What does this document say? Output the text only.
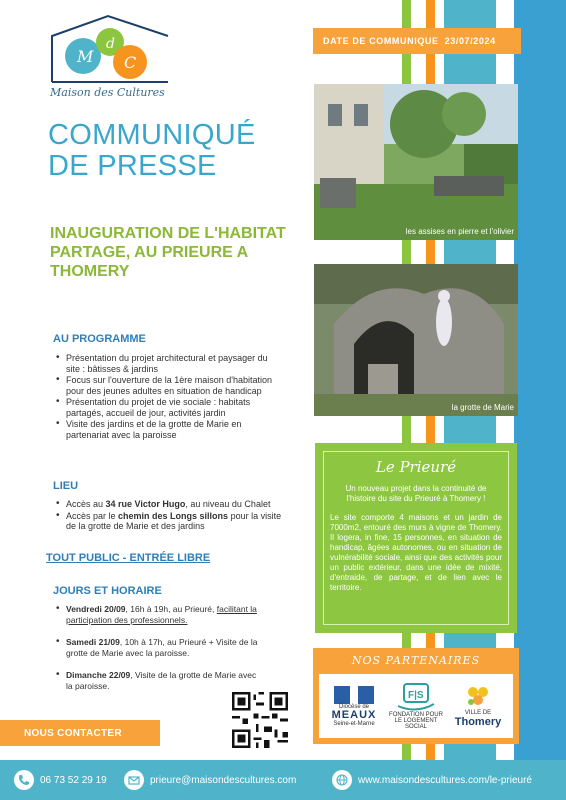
M
d
C
Maison des Cultures
COMMUNIQUÉ
DE PRESSE
INAUGURATION DE L'HABITAT PARTAGE, AU PRIEURE A THOMERY
DATE DE COMMUNIQUE 23/07/2024
les assises en pierre et l'olivier
la grotte de Marie
AU PROGRAMME
• Présentation du projet architectural et paysager du site : bâtisses & jardins
• Focus sur l'ouverture de la 1ère maison d'habitation pour des jeunes adultes en situation de handicap
• Présentation du projet de vie sociale : habitats partagés, accueil de jour, activités jardin
• Visite des jardins et de la grotte de Marie en partenariat avec la paroisse
LIEU
• Accès au 34 rue Victor Hugo, au niveau du Chalet
• Accès par le chemin des Longs sillons pour la visite de la grotte de Marie et des jardins
TOUT PUBLIC - ENTRÉE LIBRE
JOURS ET HORAIRE
• Vendredi 20/09, 16h à 19h, au Prieuré, facilitant la participation des professionnels.
• Samedi 21/09, 10h à 17h, au Prieuré + Visite de la grotte de Marie avec la paroisse.
• Dimanche 22/09, Visite de la grotte de Marie avec la paroisse.
Le Prieuré

Un nouveau projet dans la continuité de l'histoire du site du Prieuré à Thomery !

Le site comporte 4 maisons et un jardin de 7000m2, entouré des murs à vigne de Thomery. Il logera, in fine, 15 personnes, en situation de handicap, âgées autonomes, ou en situation de vulnérabilité sociale, ainsi que des activités pour un public extérieur, dans une idée de mixité, d'entraide, de partage, et de lien avec le territoire.

NOS PARTENAIRES
Diocèse de
MEAUX
Seine-et-Marne
F|S
FONDATION POUR LE LOGEMENT SOCIAL
VILLE DE
Thomery
NOUS CONTACTER
06 73 52 29 19	prieure@maisondescultures.com	www.maisondescultures.com/le-prieuré
